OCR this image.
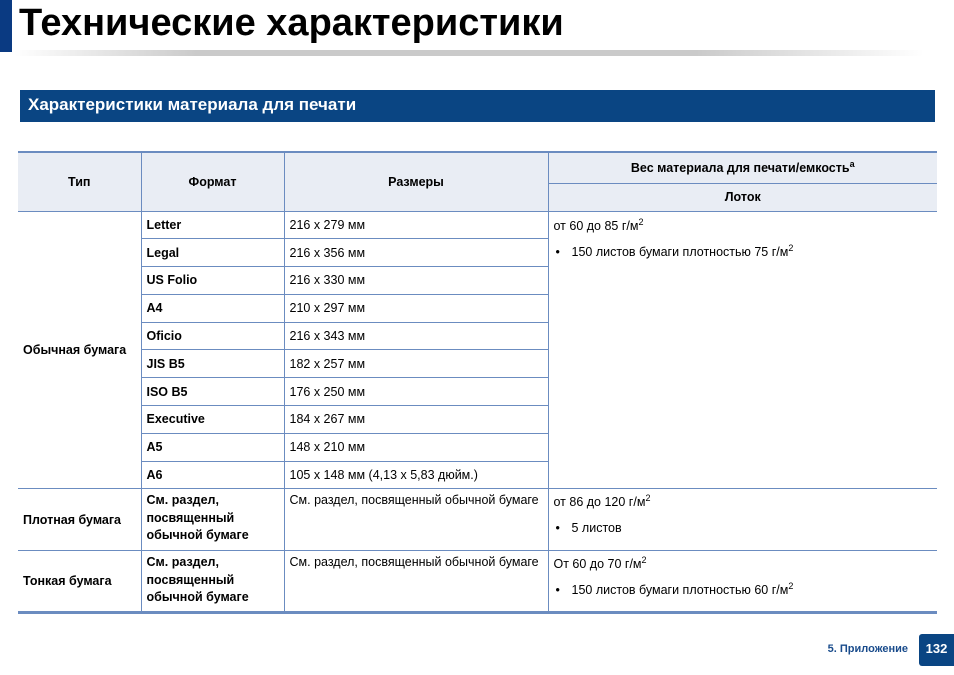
Технические характеристики
Характеристики материала для печати
Тип	Формат	Размеры	Вес материала для печати/емкость$^a$
			Лоток
Обычная бумага	Letter	216 x 279 мм	от 60 до 85 $г/м^2$
• 150 листов бумаги плотностью 75 $г/м^2$

	Legal	216 x 356 мм	
	US Folio	216 x 330 мм	
	A4	210 x 297 мм	
	Oficio	216 x 343 мм	
	JIS B5	182 x 257 мм	
	ISO B5	176 x 250 мм	
	Executive	184 x 267 мм	
	A5	148 x 210 мм	
	A6	105 x 148 мм (4,13 x 5,83 дюйм.)	
Плотная бумага	См. раздел, посвященный обычной бумаге	См. раздел, посвященный обычной бумаге	от 86 до 120 $г/м^2$
• 5 листов

Тонкая бумага	См. раздел, посвященный обычной бумаге	См. раздел, посвященный обычной бумаге	От 60 до 70 $г/м^2$
• 150 листов бумаги плотностью 60 $г/м^2$
5. Приложение	132
